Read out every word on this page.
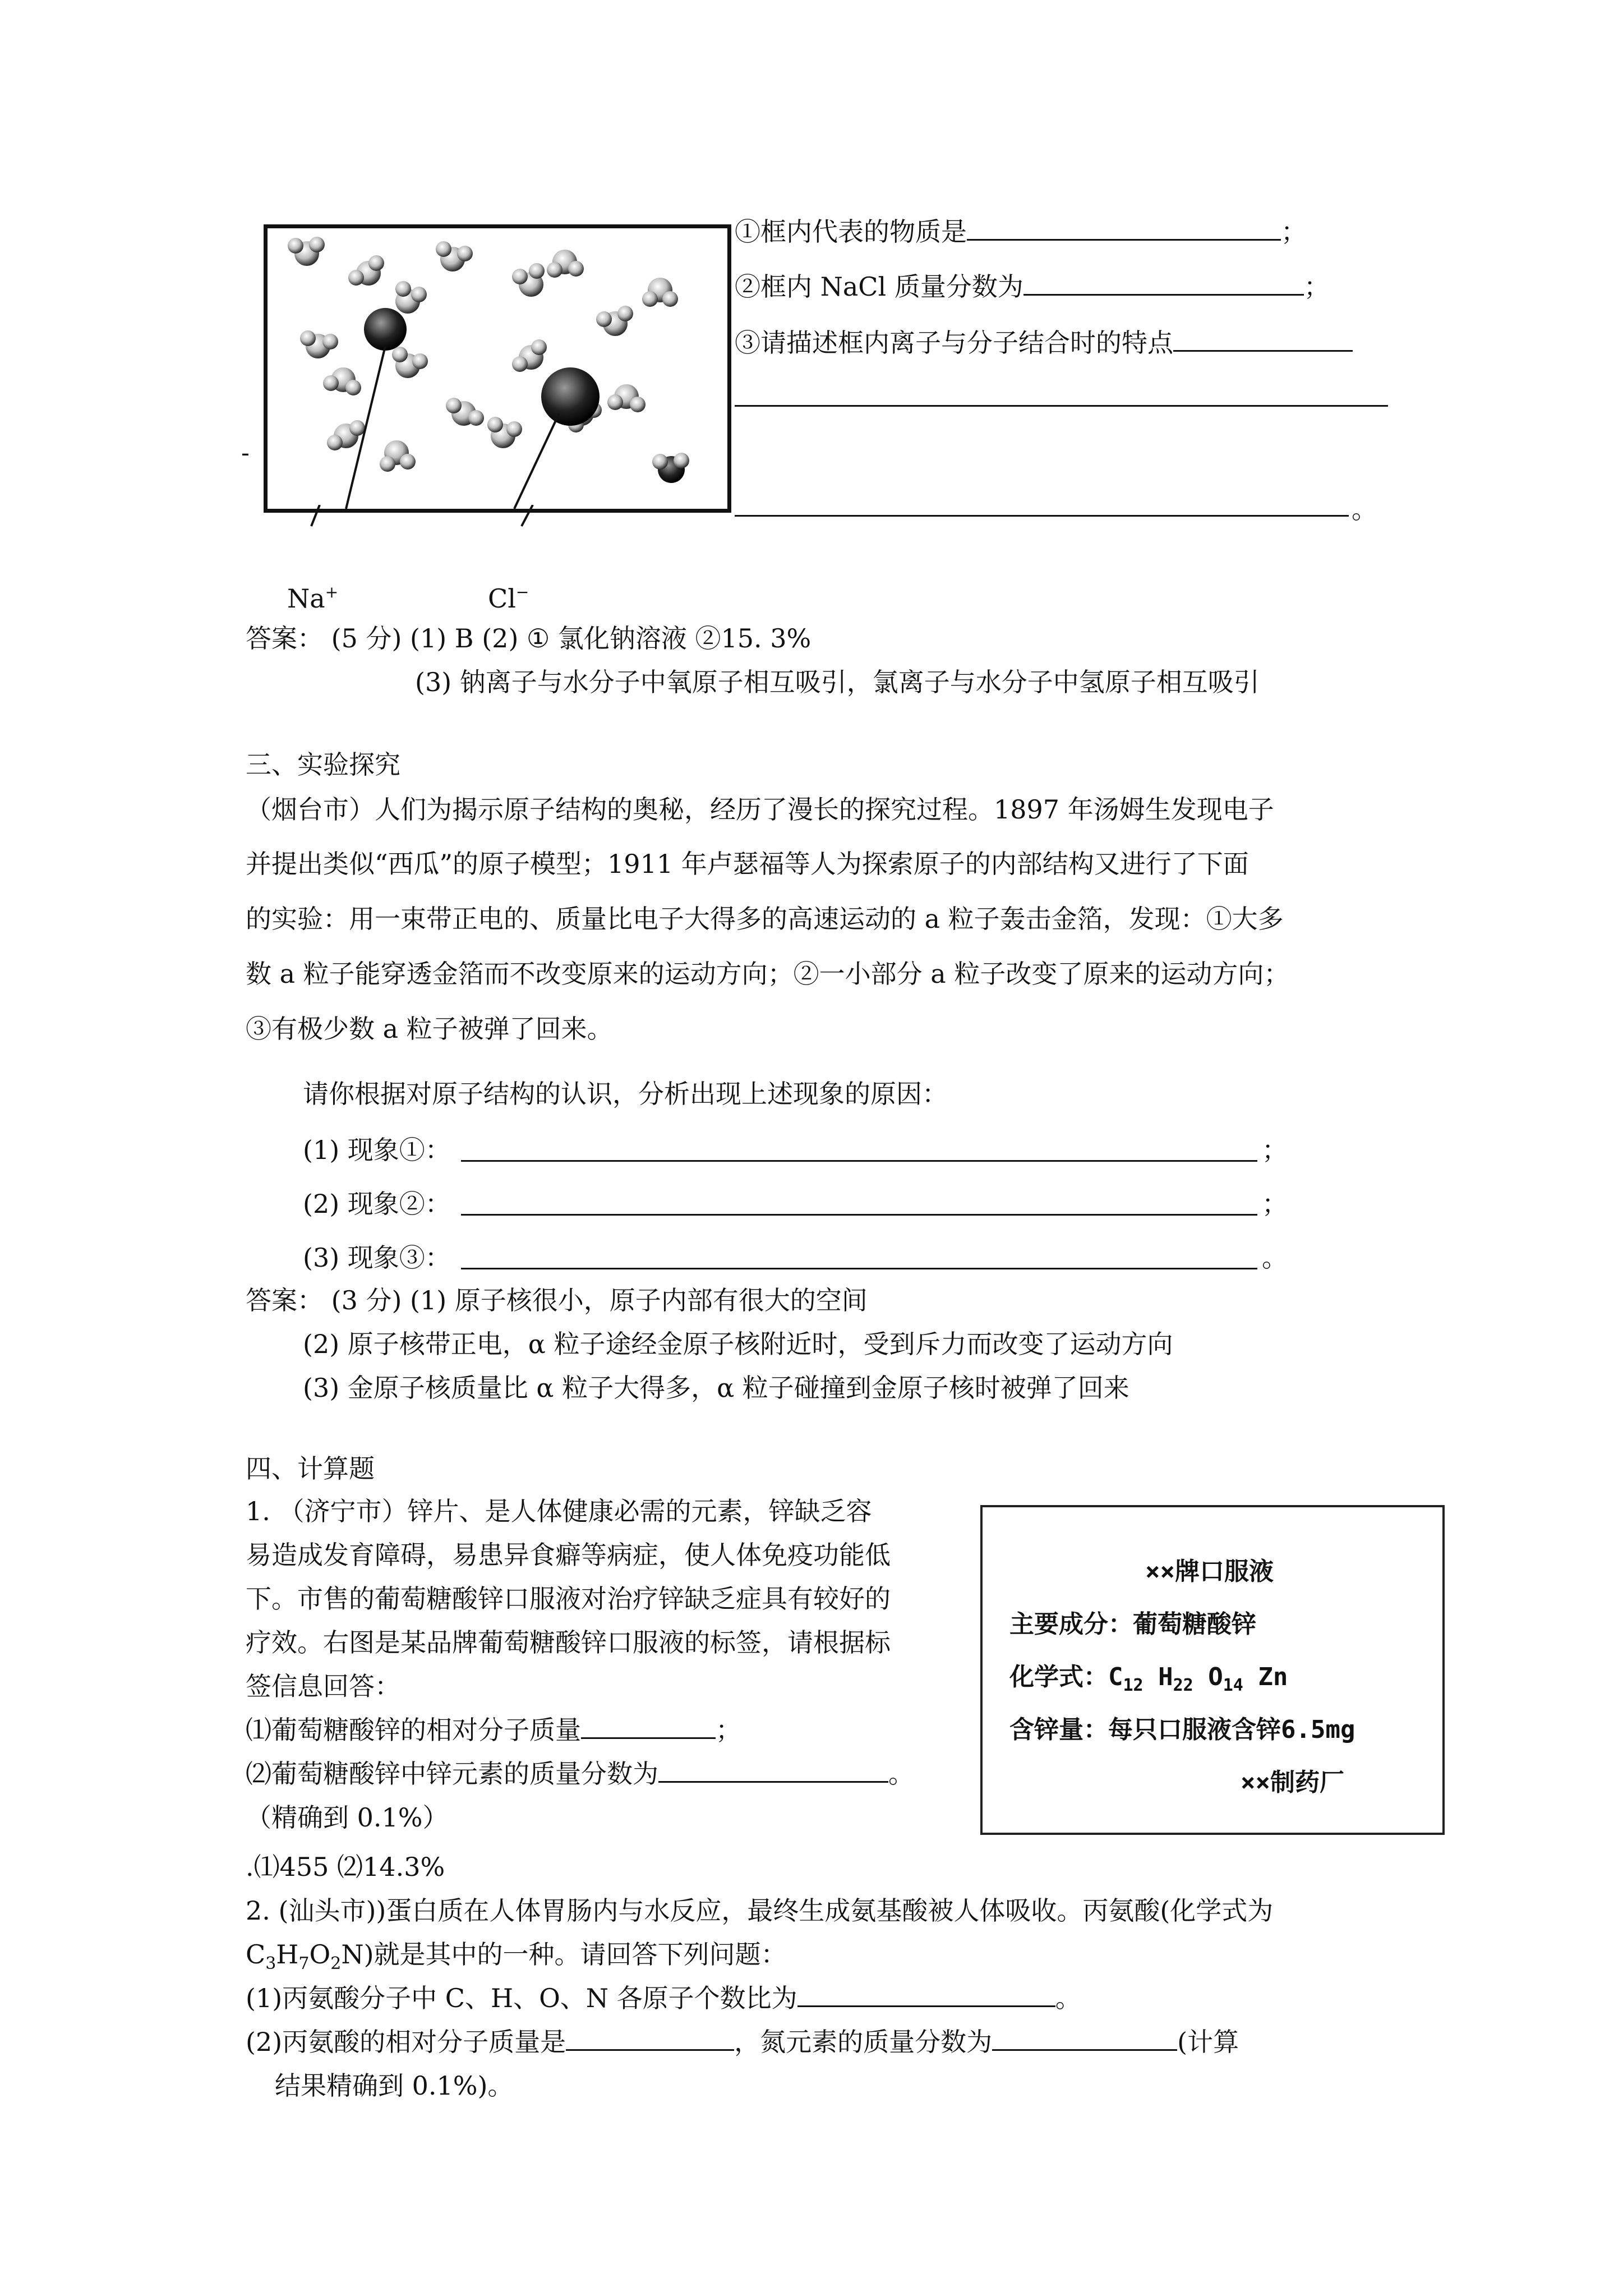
-
Na+	Cl−
①框内代表的物质是	；
②框内 NaCl 质量分数为	；
③请描述框内离子与分子结合时的特点
。
答案： (5 分) (1) B (2) ① 氯化钠溶液 ②15. 3%
(3) 钠离子与水分子中氧原子相互吸引，氯离子与水分子中氢原子相互吸引
三、实验探究
（烟台市）人们为揭示原子结构的奥秘，经历了漫长的探究过程。1897 年汤姆生发现电子
并提出类似“西瓜”的原子模型；1911 年卢瑟福等人为探索原子的内部结构又进行了下面
的实验：用一束带正电的、质量比电子大得多的高速运动的 a 粒子轰击金箔，发现：①大多
数 a 粒子能穿透金箔而不改变原来的运动方向；②一小部分 a 粒子改变了原来的运动方向；
③有极少数 a 粒子被弹了回来。
请你根据对原子结构的认识，分析出现上述现象的原因：
(1) 现象①：	；
(2) 现象②：	；
(3) 现象③：	。
答案： (3 分) (1) 原子核很小，原子内部有很大的空间
(2) 原子核带正电，α 粒子途经金原子核附近时，受到斥力而改变了运动方向
(3) 金原子核质量比 α 粒子大得多，α 粒子碰撞到金原子核时被弹了回来
四、计算题
1. （济宁市）锌片、是人体健康必需的元素，锌缺乏容
易造成发育障碍，易患异食癖等病症，使人体免疫功能低
下。市售的葡萄糖酸锌口服液对治疗锌缺乏症具有较好的
疗效。右图是某品牌葡萄糖酸锌口服液的标签，请根据标
签信息回答：
⑴葡萄糖酸锌的相对分子质量	；
⑵葡萄糖酸锌中锌元素的质量分数为	。
（精确到 0.1%）
.⑴455 ⑵14.3%
××牌口服液
主要成分：葡萄糖酸锌
化学式：$C_{12}$  $H_{22}$  $O_{14}$  Zn
含锌量：每只口服液含锌6.5mg
××制药厂
2. (汕头市))蛋白质在人体胃肠内与水反应，最终生成氨基酸被人体吸收。丙氨酸(化学式为
$C_3H_7O_2N$)就是其中的一种。请回答下列问题：
(1)丙氨酸分子中 C、H、O、N 各原子个数比为	。
(2)丙氨酸的相对分子质量是	，氮元素的质量分数为	(计算
结果精确到 0.1%)。
